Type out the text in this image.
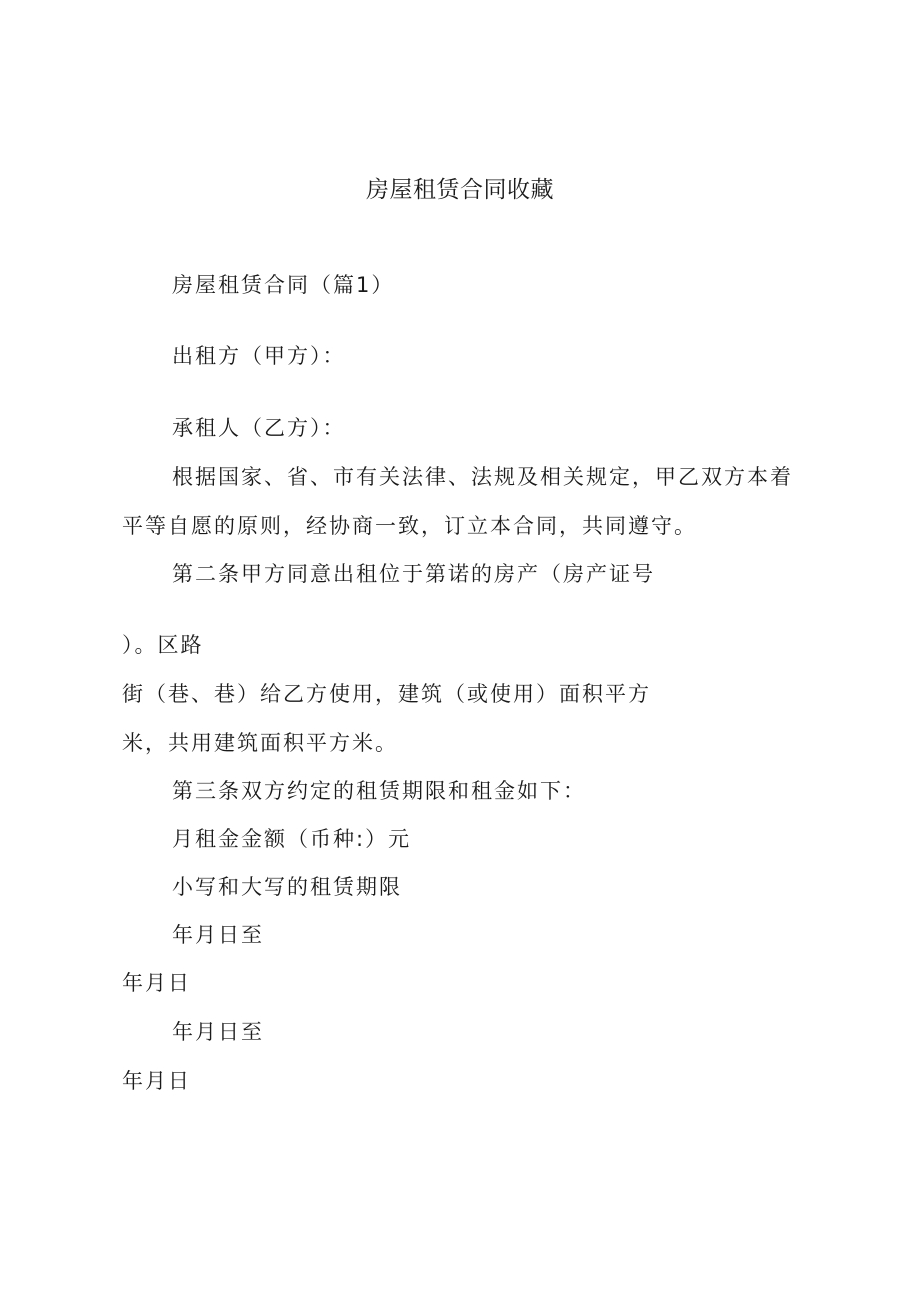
房屋租赁合同收藏

房屋租赁合同（篇1）

出租方（甲方）：

承租人（乙方）：

根据国家、省、市有关法律、法规及相关规定，甲乙双方本着

平等自愿的原则，经协商一致，订立本合同，共同遵守。

第二条甲方同意出租位于第诺的房产（房产证号

）。区路

街（巷、巷）给乙方使用，建筑（或使用）面积平方

米，共用建筑面积平方米。

第三条双方约定的租赁期限和租金如下：

月租金金额（币种:）元

小写和大写的租赁期限

年月日至

年月日

年月日至

年月日
